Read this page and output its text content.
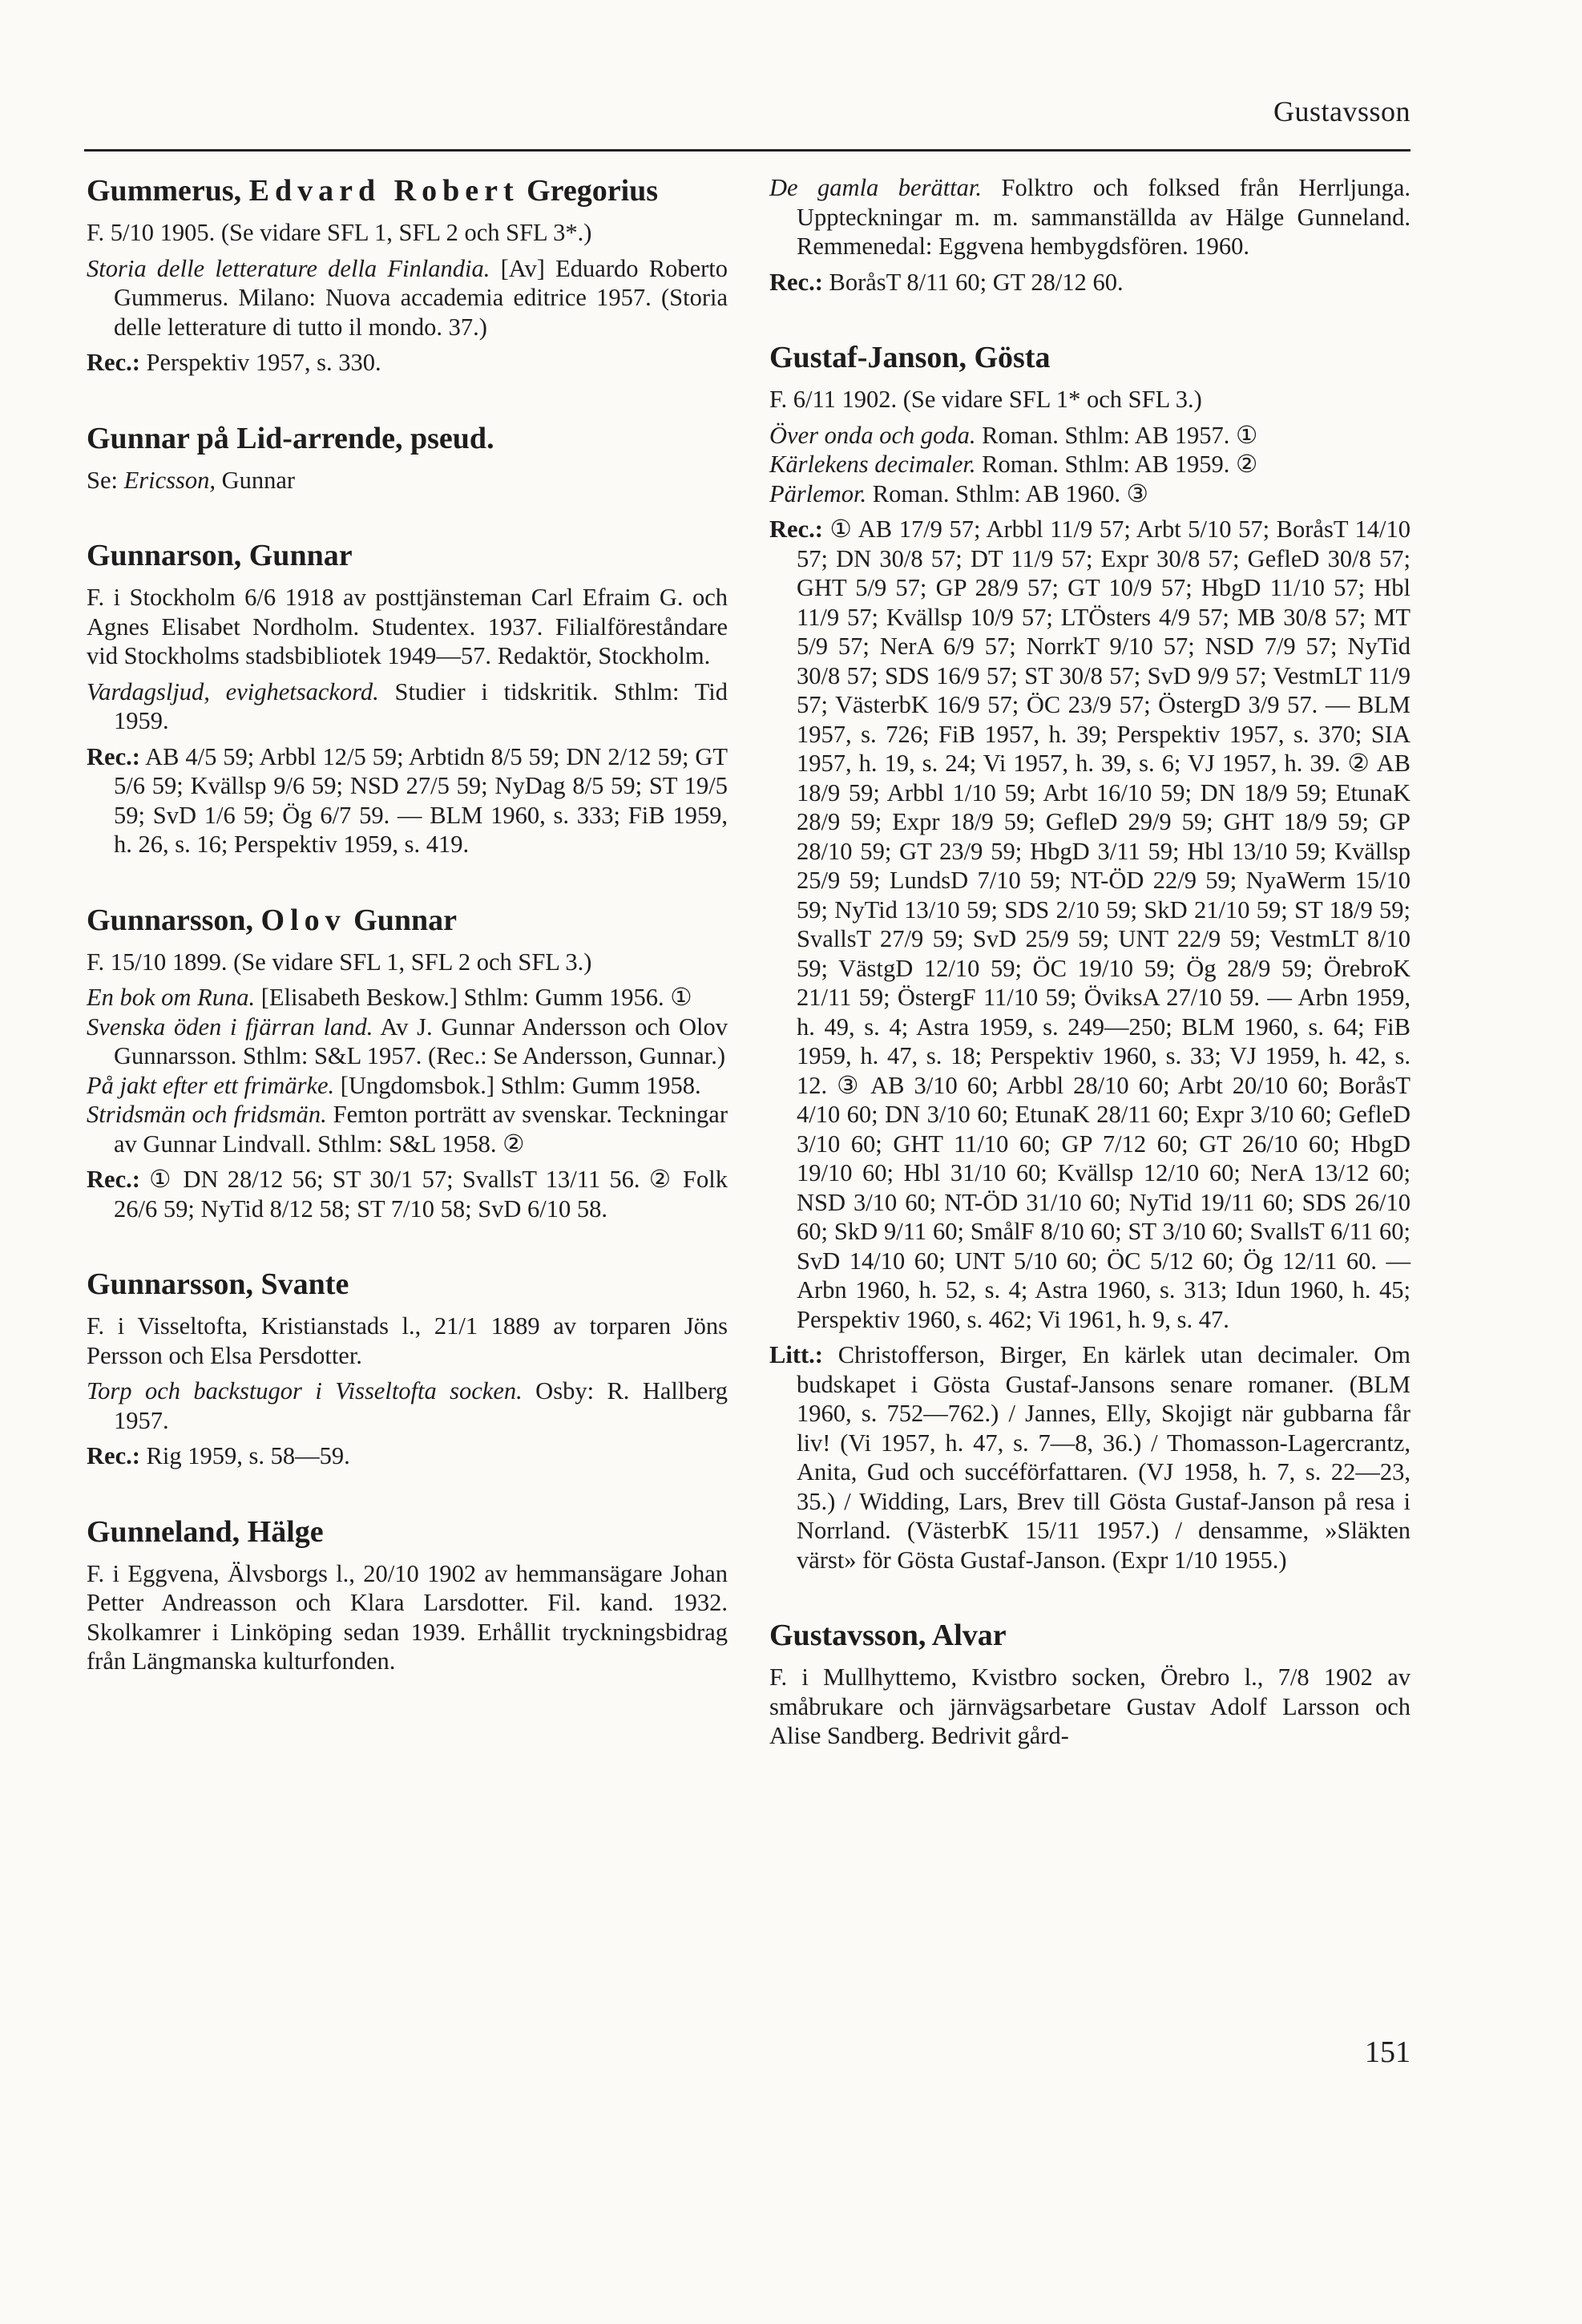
Gustavsson
Gummerus, Edvard Robert Gregorius

F. 5/10 1905. (Se vidare SFL 1, SFL 2 och SFL 3*.)

Storia delle letterature della Finlandia. [Av] Eduardo Roberto Gummerus. Milano: Nuova accademia editrice 1957. (Storia delle letterature di tutto il mondo. 37.)

Rec.: Perspektiv 1957, s. 330.

Gunnar på Lid-arrende, pseud.

Se: Ericsson, Gunnar

Gunnarson, Gunnar

F. i Stockholm 6/6 1918 av posttjänsteman Carl Efraim G. och Agnes Elisabet Nordholm. Studentex. 1937. Filialföreståndare vid Stockholms stadsbibliotek 1949—57. Redaktör, Stockholm.

Vardagsljud, evighetsackord. Studier i tidskritik. Sthlm: Tid 1959.

Rec.: AB 4/5 59; Arbbl 12/5 59; Arbtidn 8/5 59; DN 2/12 59; GT 5/6 59; Kvällsp 9/6 59; NSD 27/5 59; NyDag 8/5 59; ST 19/5 59; SvD 1/6 59; Ög 6/7 59. — BLM 1960, s. 333; FiB 1959, h. 26, s. 16; Perspektiv 1959, s. 419.

Gunnarsson, Olov Gunnar

F. 15/10 1899. (Se vidare SFL 1, SFL 2 och SFL 3.)

En bok om Runa. [Elisabeth Beskow.] Sthlm: Gumm 1956. ①

Svenska öden i fjärran land. Av J. Gunnar Andersson och Olov Gunnarsson. Sthlm: S&L 1957. (Rec.: Se Andersson, Gunnar.)

På jakt efter ett frimärke. [Ungdomsbok.] Sthlm: Gumm 1958.

Stridsmän och fridsmän. Femton porträtt av svenskar. Teckningar av Gunnar Lindvall. Sthlm: S&L 1958. ②

Rec.: ① DN 28/12 56; ST 30/1 57; SvallsT 13/11 56. ② Folk 26/6 59; NyTid 8/12 58; ST 7/10 58; SvD 6/10 58.

Gunnarsson, Svante

F. i Visseltofta, Kristianstads l., 21/1 1889 av torparen Jöns Persson och Elsa Persdotter.

Torp och backstugor i Visseltofta socken. Osby: R. Hallberg 1957.

Rec.: Rig 1959, s. 58—59.

Gunneland, Hälge

F. i Eggvena, Älvsborgs l., 20/10 1902 av hemmansägare Johan Petter Andreasson och Klara Larsdotter. Fil. kand. 1932. Skolkamrer i Linköping sedan 1939. Erhållit tryckningsbidrag från Längmanska kulturfonden.

De gamla berättar. Folktro och folksed från Herrljunga. Uppteckningar m. m. sammanställda av Hälge Gunneland. Remmenedal: Eggvena hembygdsfören. 1960.

Rec.: BoråsT 8/11 60; GT 28/12 60.

Gustaf-Janson, Gösta

F. 6/11 1902. (Se vidare SFL 1* och SFL 3.)

Över onda och goda. Roman. Sthlm: AB 1957. ①

Kärlekens decimaler. Roman. Sthlm: AB 1959. ②

Pärlemor. Roman. Sthlm: AB 1960. ③

Rec.: ① AB 17/9 57; Arbbl 11/9 57; Arbt 5/10 57; BoråsT 14/10 57; DN 30/8 57; DT 11/9 57; Expr 30/8 57; GefleD 30/8 57; GHT 5/9 57; GP 28/9 57; GT 10/9 57; HbgD 11/10 57; Hbl 11/9 57; Kvällsp 10/9 57; LTÖsters 4/9 57; MB 30/8 57; MT 5/9 57; NerA 6/9 57; NorrkT 9/10 57; NSD 7/9 57; NyTid 30/8 57; SDS 16/9 57; ST 30/8 57; SvD 9/9 57; VestmLT 11/9 57; VästerbK 16/9 57; ÖC 23/9 57; ÖstergD 3/9 57. — BLM 1957, s. 726; FiB 1957, h. 39; Perspektiv 1957, s. 370; SIA 1957, h. 19, s. 24; Vi 1957, h. 39, s. 6; VJ 1957, h. 39. ② AB 18/9 59; Arbbl 1/10 59; Arbt 16/10 59; DN 18/9 59; EtunaK 28/9 59; Expr 18/9 59; GefleD 29/9 59; GHT 18/9 59; GP 28/10 59; GT 23/9 59; HbgD 3/11 59; Hbl 13/10 59; Kvällsp 25/9 59; LundsD 7/10 59; NT-ÖD 22/9 59; NyaWerm 15/10 59; NyTid 13/10 59; SDS 2/10 59; SkD 21/10 59; ST 18/9 59; SvallsT 27/9 59; SvD 25/9 59; UNT 22/9 59; VestmLT 8/10 59; VästgD 12/10 59; ÖC 19/10 59; Ög 28/9 59; ÖrebroK 21/11 59; ÖstergF 11/10 59; ÖviksA 27/10 59. — Arbn 1959, h. 49, s. 4; Astra 1959, s. 249—250; BLM 1960, s. 64; FiB 1959, h. 47, s. 18; Perspektiv 1960, s. 33; VJ 1959, h. 42, s. 12. ③ AB 3/10 60; Arbbl 28/10 60; Arbt 20/10 60; BoråsT 4/10 60; DN 3/10 60; EtunaK 28/11 60; Expr 3/10 60; GefleD 3/10 60; GHT 11/10 60; GP 7/12 60; GT 26/10 60; HbgD 19/10 60; Hbl 31/10 60; Kvällsp 12/10 60; NerA 13/12 60; NSD 3/10 60; NT-ÖD 31/10 60; NyTid 19/11 60; SDS 26/10 60; SkD 9/11 60; SmålF 8/10 60; ST 3/10 60; SvallsT 6/11 60; SvD 14/10 60; UNT 5/10 60; ÖC 5/12 60; Ög 12/11 60. — Arbn 1960, h. 52, s. 4; Astra 1960, s. 313; Idun 1960, h. 45; Perspektiv 1960, s. 462; Vi 1961, h. 9, s. 47.

Litt.: Christofferson, Birger, En kärlek utan decimaler. Om budskapet i Gösta Gustaf-Jansons senare romaner. (BLM 1960, s. 752—762.) / Jannes, Elly, Skojigt när gubbarna får liv! (Vi 1957, h. 47, s. 7—8, 36.) / Thomasson-Lagercrantz, Anita, Gud och succéförfattaren. (VJ 1958, h. 7, s. 22—23, 35.) / Widding, Lars, Brev till Gösta Gustaf-Janson på resa i Norrland. (VästerbK 15/11 1957.) / densamme, »Släkten värst» för Gösta Gustaf-Janson. (Expr 1/10 1955.)

Gustavsson, Alvar

F. i Mullhyttemo, Kvistbro socken, Örebro l., 7/8 1902 av småbrukare och järnvägsarbetare Gustav Adolf Larsson och Alise Sandberg. Bedrivit gård-

151
